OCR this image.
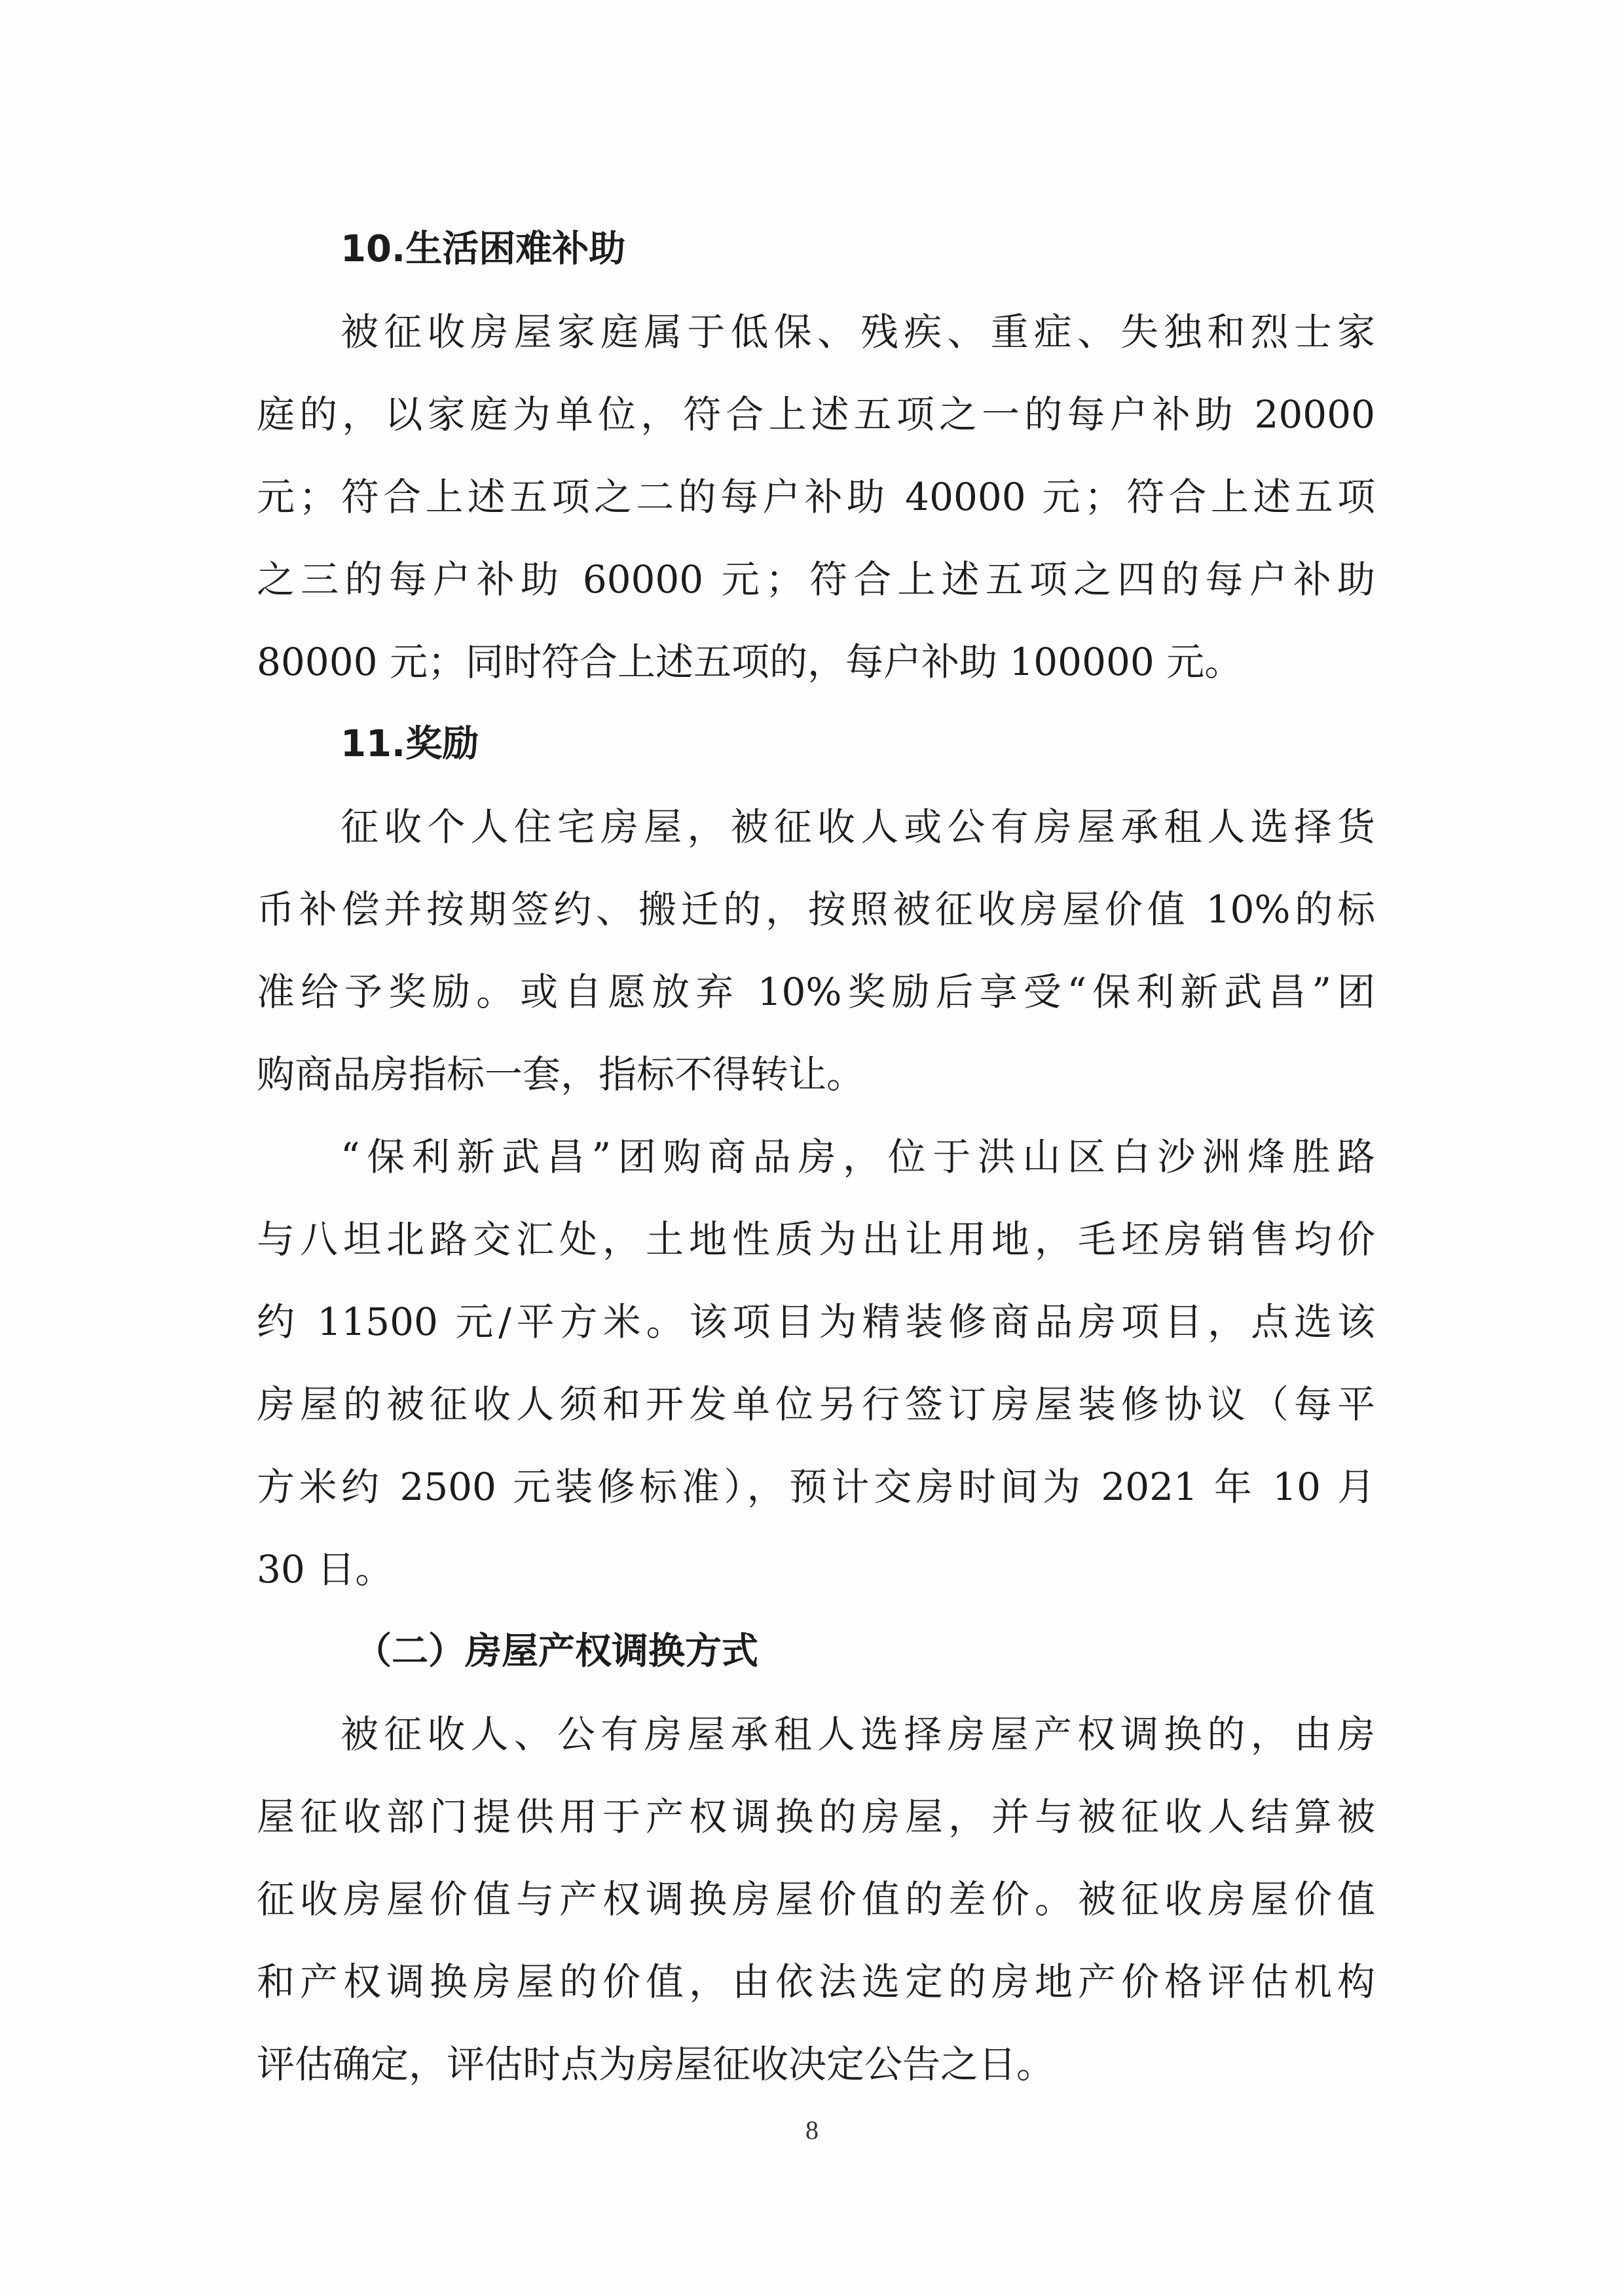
10.生活困难补助
被征收房屋家庭属于低保、残疾、重症、失独和烈士家
庭的，以家庭为单位，符合上述五项之一的每户补助 20000
元；符合上述五项之二的每户补助 40000 元；符合上述五项
之三的每户补助 60000 元；符合上述五项之四的每户补助
80000 元；同时符合上述五项的，每户补助 100000 元。
11.奖励
征收个人住宅房屋，被征收人或公有房屋承租人选择货
币补偿并按期签约、搬迁的，按照被征收房屋价值 10%的标
准给予奖励。或自愿放弃 10%奖励后享受“保利新武昌”团
购商品房指标一套，指标不得转让。
“保利新武昌”团购商品房，位于洪山区白沙洲烽胜路
与八坦北路交汇处，土地性质为出让用地，毛坯房销售均价
约 11500 元/平方米。该项目为精装修商品房项目，点选该
房屋的被征收人须和开发单位另行签订房屋装修协议（每平
方米约 2500 元装修标准），预计交房时间为 2021 年 10 月
30 日。
（二）房屋产权调换方式
被征收人、公有房屋承租人选择房屋产权调换的，由房
屋征收部门提供用于产权调换的房屋，并与被征收人结算被
征收房屋价值与产权调换房屋价值的差价。被征收房屋价值
和产权调换房屋的价值，由依法选定的房地产价格评估机构
评估确定，评估时点为房屋征收决定公告之日。
8
